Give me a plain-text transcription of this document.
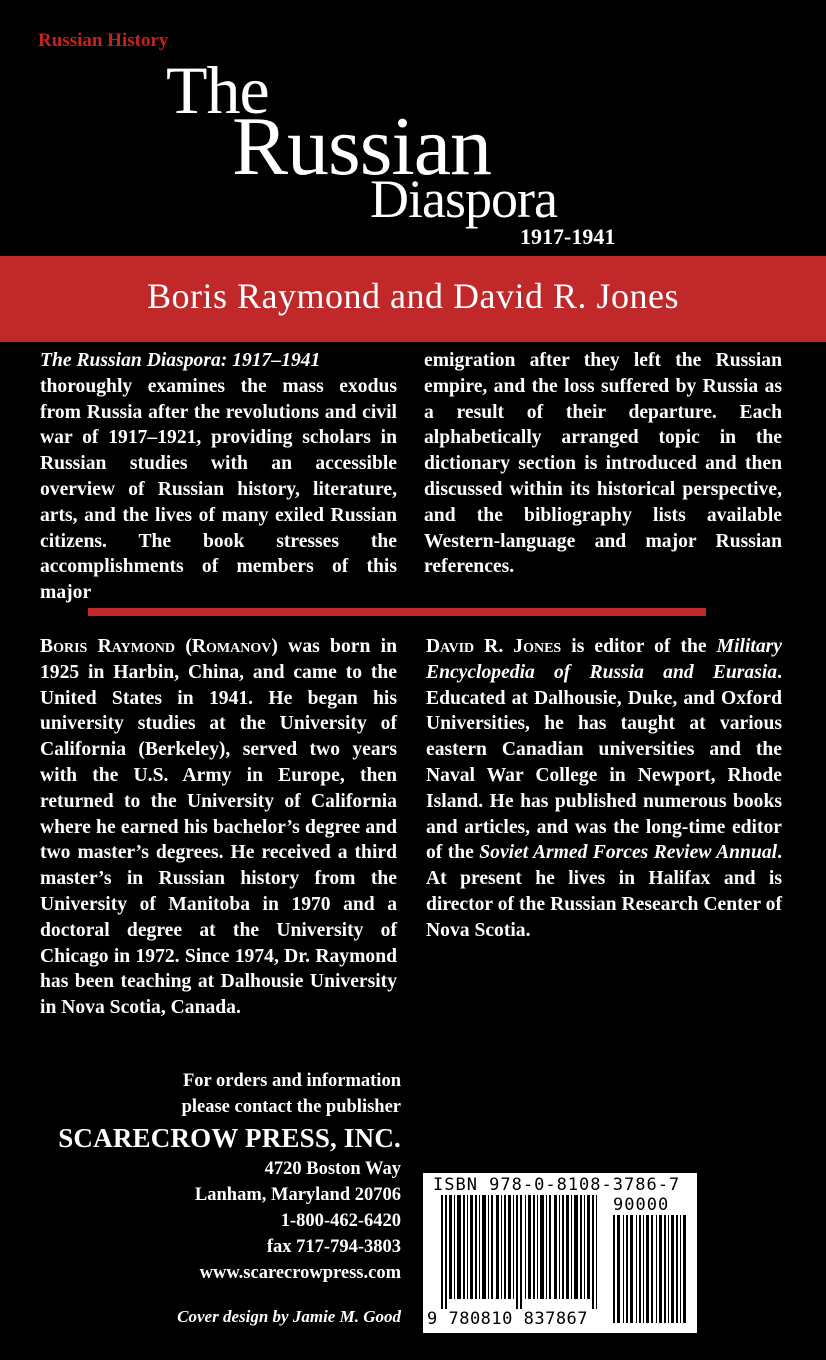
Russian History
The
Russian
Diaspora
1917-1941
Boris Raymond and David R. Jones

The Russian Diaspora: 1917–1941
thoroughly examines the mass exodus from Russia after the revolutions and civil war of 1917–1921, providing scholars in Russian studies with an accessible overview of Russian history, literature, arts, and the lives of many exiled Russian citizens. The book stresses the accomplishments of members of this major

emigration after they left the Russian empire, and the loss suffered by Russia as a result of their departure. Each alphabetically arranged topic in the dictionary section is introduced and then discussed within its historical perspective, and the bibliography lists available Western-language and major Russian references.

Boris Raymond (Romanov) was born in 1925 in Harbin, China, and came to the United States in 1941. He began his university studies at the University of California (Berkeley), served two years with the U.S. Army in Europe, then returned to the University of California where he earned his bachelor’s degree and two master’s degrees. He received a third master’s in Russian history from the University of Manitoba in 1970 and a doctoral degree at the University of Chicago in 1972. Since 1974, Dr. Raymond has been teaching at Dalhousie University in Nova Scotia, Canada.

David R. Jones is editor of the Military Encyclopedia of Russia and Eurasia. Educated at Dalhousie, Duke, and Oxford Universities, he has taught at various eastern Canadian universities and the Naval War College in Newport, Rhode Island. He has published numerous books and articles, and was the long-time editor of the Soviet Armed Forces Review Annual. At present he lives in Halifax and is director of the Russian Research Center of Nova Scotia.

For orders and information
please contact the publisher
SCARECROW PRESS, INC.
4720 Boston Way
Lanham, Maryland 20706
1-800-462-6420
fax 717-794-3803
www.scarecrowpress.com
Cover design by Jamie M. Good
ISBN 978-0-8108-3786-7
90000
9 780810 837867
